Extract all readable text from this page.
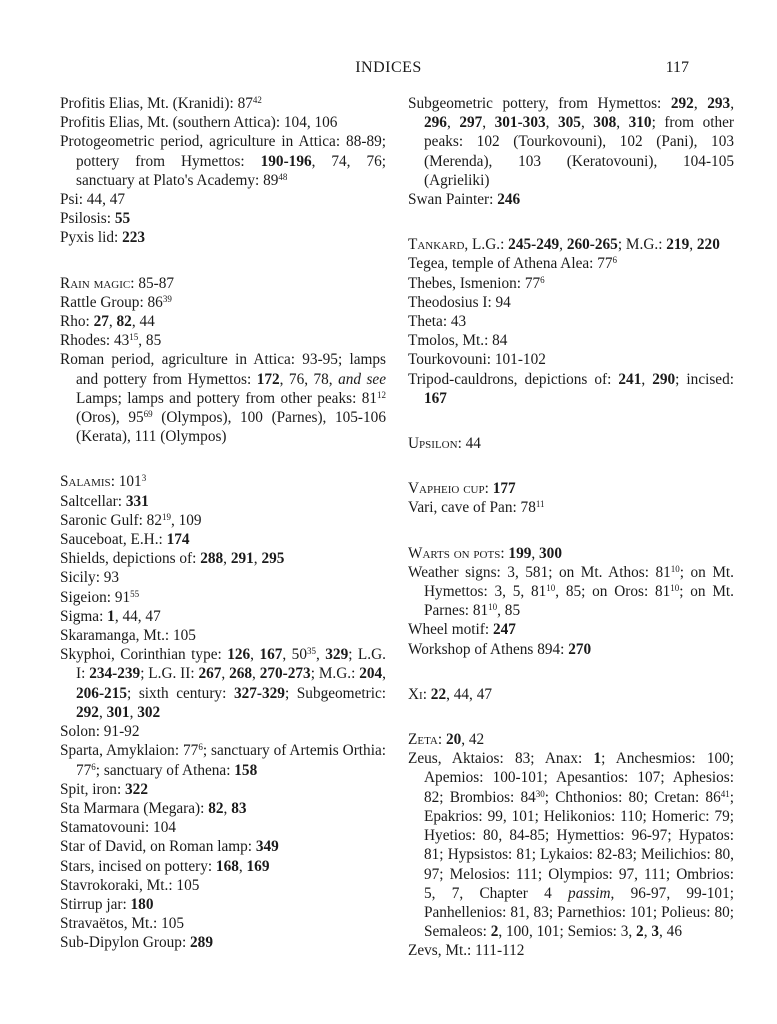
INDICES	117
Profitis Elias, Mt. (Kranidi): $87^{42}$
Profitis Elias, Mt. (southern Attica): 104, 106
Protogeometric period, agriculture in Attica: 88-89; pottery from Hymettos: 190-196, 74, 76; sanctuary at Plato's Academy: $89^{48}$
Psi: 44, 47
Psilosis: 55
Pyxis lid: 223
Rain magic: 85-87
Rattle Group: $86^{39}$
Rho: 27, 82, 44
Rhodes: $43^{15}$, 85
Roman period, agriculture in Attica: 93-95; lamps and pottery from Hymettos: 172, 76, 78, and see Lamps; lamps and pottery from other peaks: $81^{12}$ (Oros), $95^{69}$ (Olympos), 100 (Parnes), 105-106 (Kerata), 111 (Olympos)
Salamis: $101^3$
Saltcellar: 331
Saronic Gulf: $82^{19}$, 109
Sauceboat, E.H.: 174
Shields, depictions of: 288, 291, 295
Sicily: 93
Sigeion: $91^{55}$
Sigma: 1, 44, 47
Skaramanga, Mt.: 105
Skyphoi, Corinthian type: 126, 167, $50^{35}$, 329; L.G. I: 234-239; L.G. II: 267, 268, 270-273; M.G.: 204, 206-215; sixth century: 327-329; Subgeometric: 292, 301, 302
Solon: 91-92
Sparta, Amyklaion: $77^6$; sanctuary of Artemis Orthia: $77^6$; sanctuary of Athena: 158
Spit, iron: 322
Sta Marmara (Megara): 82, 83
Stamatovouni: 104
Star of David, on Roman lamp: 349
Stars, incised on pottery: 168, 169
Stavrokoraki, Mt.: 105
Stirrup jar: 180
Stravaëtos, Mt.: 105
Sub-Dipylon Group: 289
Subgeometric pottery, from Hymettos: 292, 293, 296, 297, 301-303, 305, 308, 310; from other peaks: 102 (Tourkovouni), 102 (Pani), 103 (Merenda), 103 (Keratovouni), 104-105 (Agrieliki)
Swan Painter: 246
Tankard, L.G.: 245-249, 260-265; M.G.: 219, 220
Tegea, temple of Athena Alea: $77^6$
Thebes, Ismenion: $77^6$
Theodosius I: 94
Theta: 43
Tmolos, Mt.: 84
Tourkovouni: 101-102
Tripod-cauldrons, depictions of: 241, 290; incised: 167
Upsilon: 44
Vapheio cup: 177
Vari, cave of Pan: $78^{11}$
Warts on pots: 199, 300
Weather signs: 3, 581; on Mt. Athos: $81^{10}$; on Mt. Hymettos: 3, 5, $81^{10}$, 85; on Oros: $81^{10}$; on Mt. Parnes: $81^{10}$, 85
Wheel motif: 247
Workshop of Athens 894: 270
Xi: 22, 44, 47
Zeta: 20, 42
Zeus, Aktaios: 83; Anax: 1; Anchesmios: 100; Apemios: 100-101; Apesantios: 107; Aphesios: 82; Brombios: $84^{30}$; Chthonios: 80; Cretan: $86^{41}$; Epakrios: 99, 101; Helikonios: 110; Homeric: 79; Hyetios: 80, 84-85; Hymettios: 96-97; Hypatos: 81; Hypsistos: 81; Lykaios: 82-83; Meilichios: 80, 97; Melosios: 111; Olympios: 97, 111; Ombrios: 5, 7, Chapter 4 passim, 96-97, 99-101; Panhellenios: 81, 83; Parnethios: 101; Polieus: 80; Semaleos: 2, 100, 101; Semios: 3, 2, 3, 46
Zevs, Mt.: 111-112
